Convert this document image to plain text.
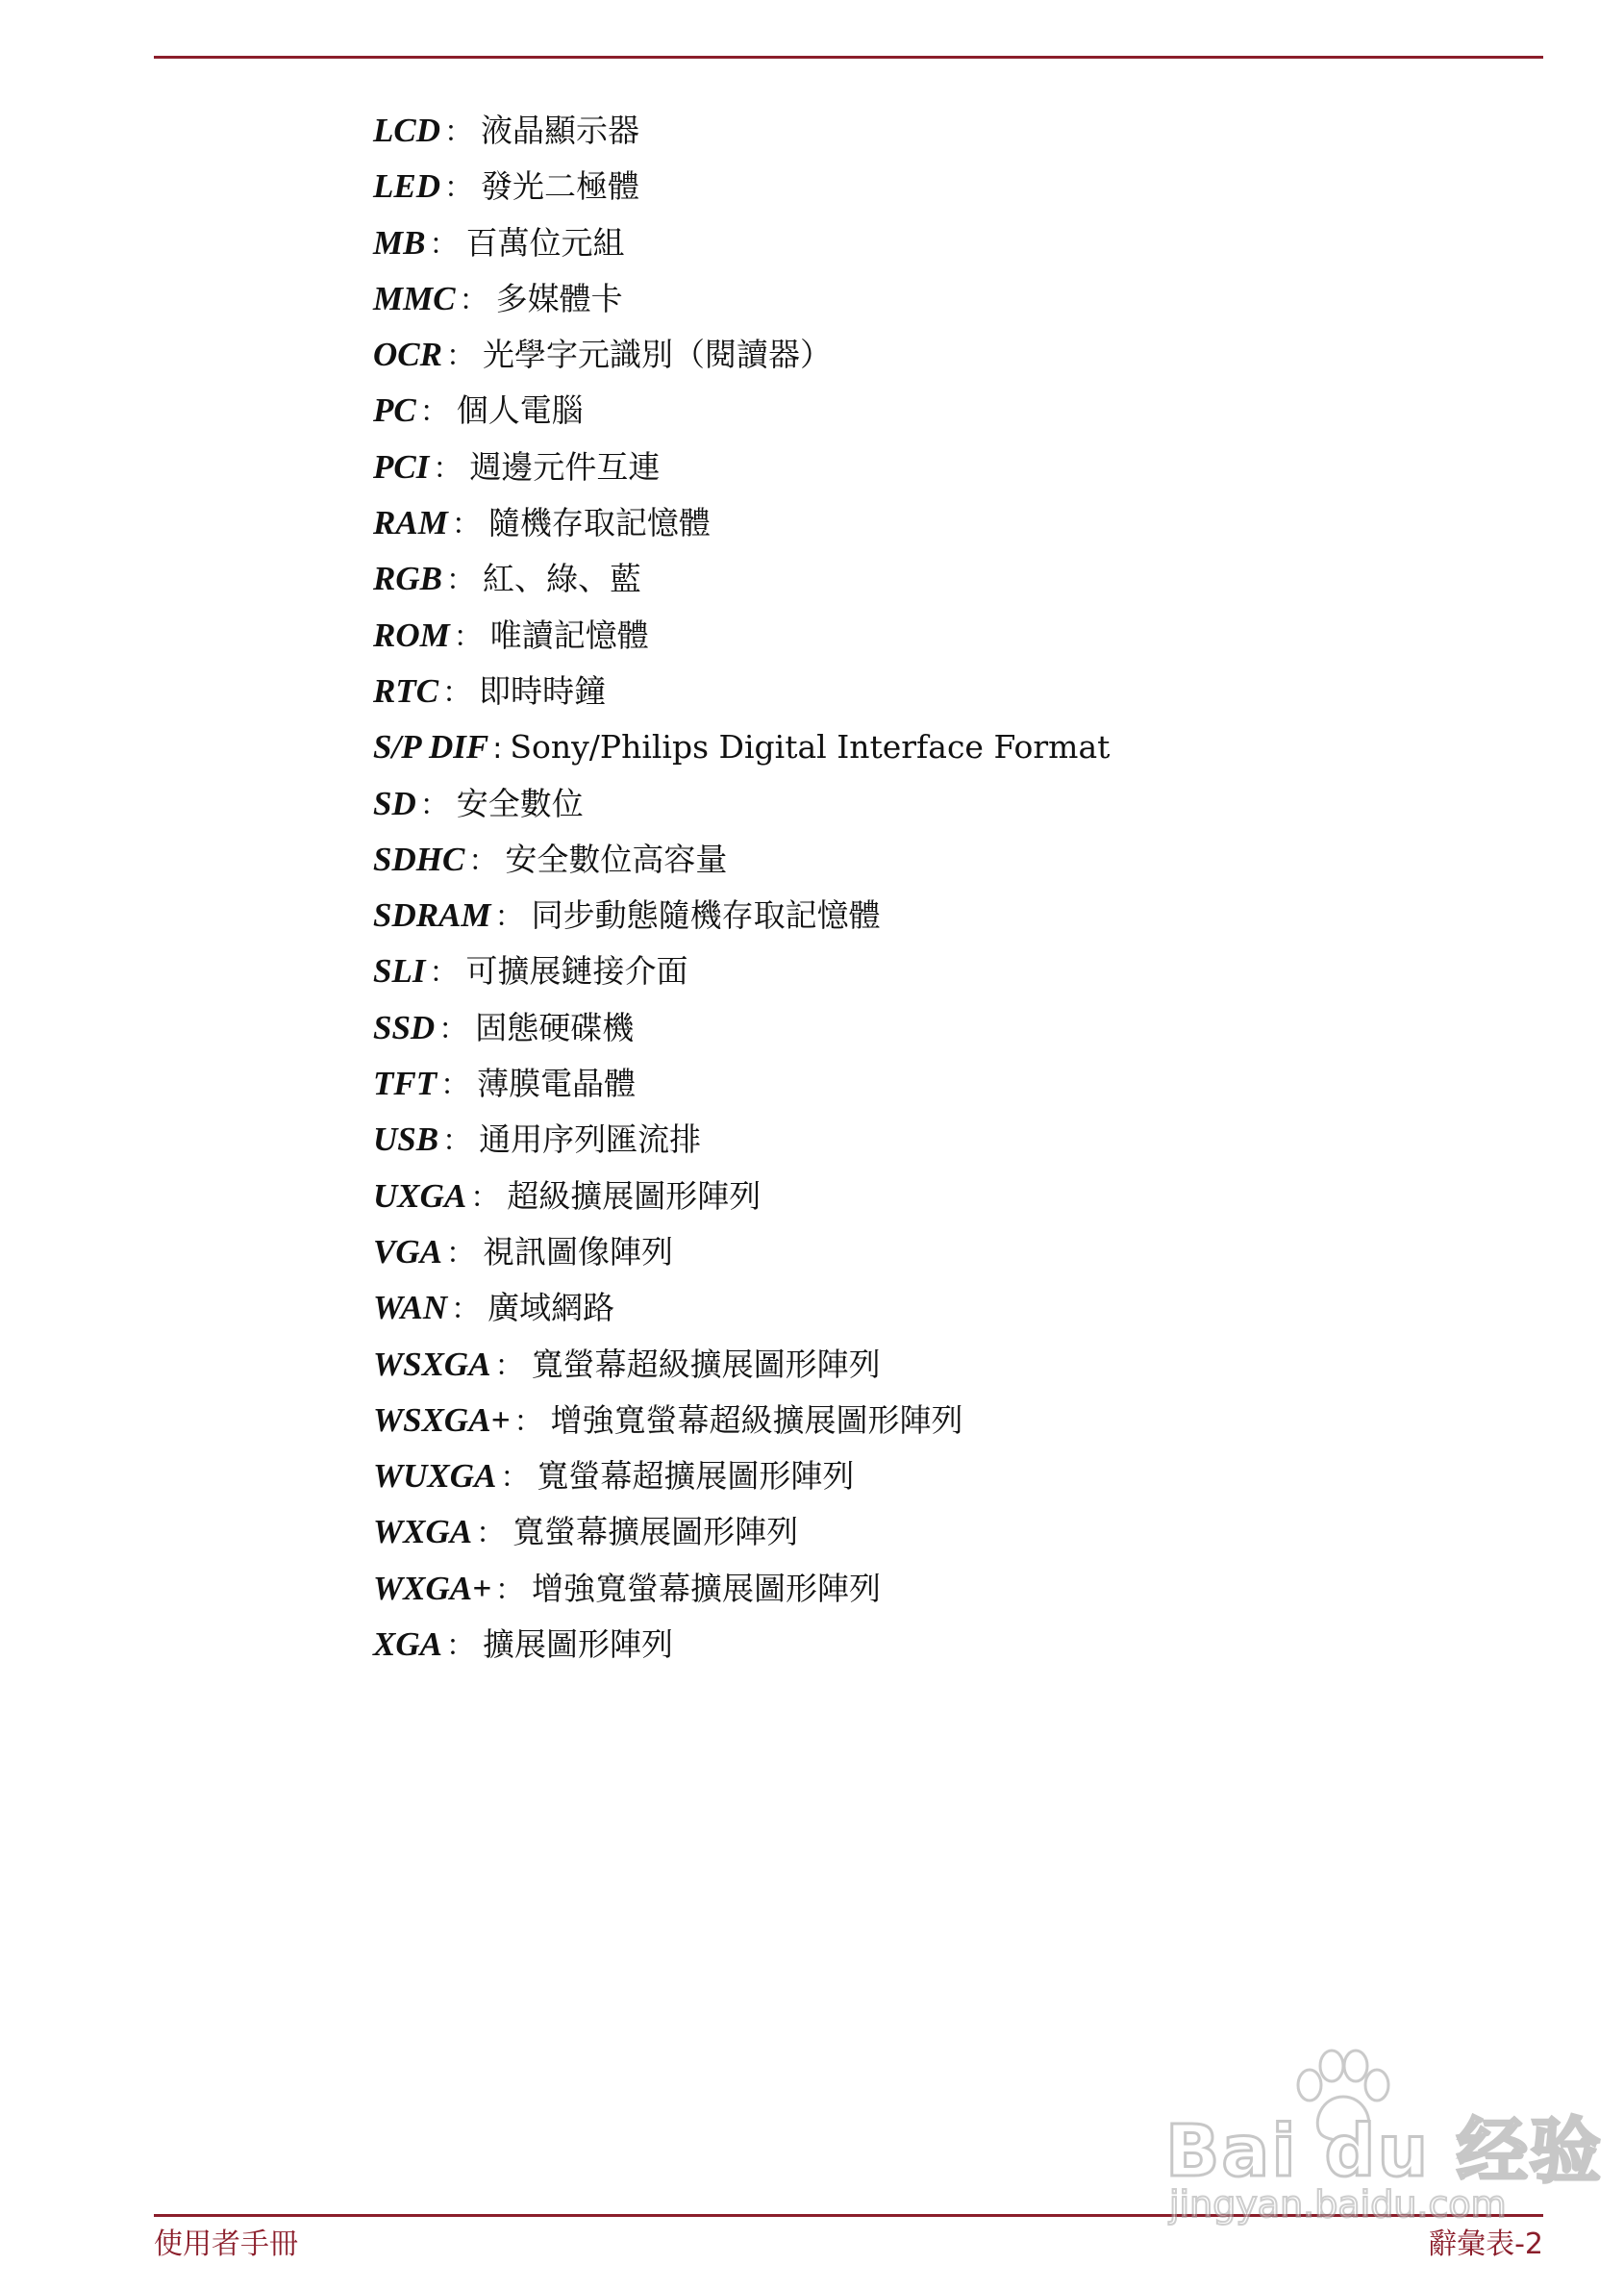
LCD ： 液晶顯示器
LED ： 發光二極體
MB ： 百萬位元組
MMC ： 多媒體卡
OCR ： 光學字元識別（閱讀器）
PC ： 個人電腦
PCI ： 週邊元件互連
RAM ： 隨機存取記憶體
RGB ： 紅、綠、藍
ROM ： 唯讀記憶體
RTC ： 即時時鐘
S/P DIF : Sony/Philips Digital Interface Format
SD ： 安全數位
SDHC ： 安全數位高容量
SDRAM ： 同步動態隨機存取記憶體
SLI ： 可擴展鏈接介面
SSD ： 固態硬碟機
TFT ： 薄膜電晶體
USB ： 通用序列匯流排
UXGA ： 超級擴展圖形陣列
VGA ： 視訊圖像陣列
WAN ： 廣域網路
WSXGA ： 寬螢幕超級擴展圖形陣列
WSXGA+ ： 增強寬螢幕超級擴展圖形陣列
WUXGA ： 寬螢幕超擴展圖形陣列
WXGA ： 寬螢幕擴展圖形陣列
WXGA+ ： 增強寬螢幕擴展圖形陣列
XGA ： 擴展圖形陣列
Bai du 经验
jingyan.baidu.com
使用者手冊	辭彙表-2
